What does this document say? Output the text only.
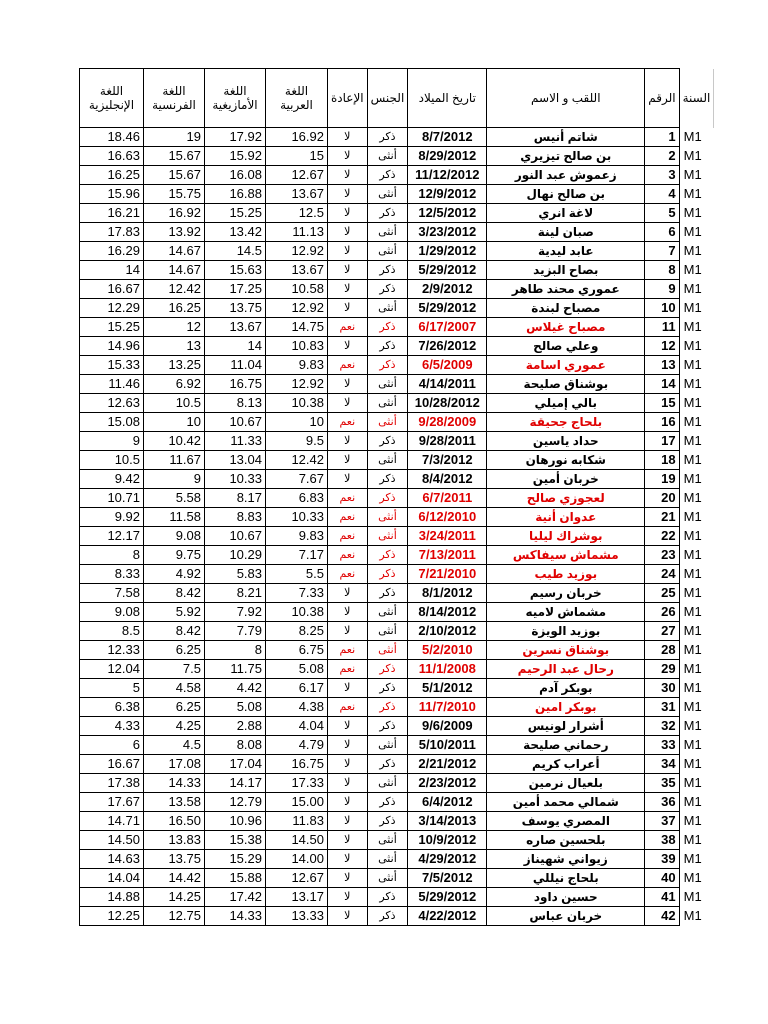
اللغة الإنجليزية	اللغة الفرنسية	اللغة الأمازيغية	اللغة العربية	الإعادة	الجنس	تاريخ الميلاد	اللقب و الاسم	الرقم	السنة
18.46	19	17.92	16.92	لا	ذكر	8/7/2012	شاتم أنيس	1	M1
16.63	15.67	15.92	15	لا	أنثى	8/29/2012	بن صالح تيزيري	2	M1
16.25	15.67	16.08	12.67	لا	ذكر	11/12/2012	زعموش عبد النور	3	M1
15.96	15.75	16.88	13.67	لا	أنثى	12/9/2012	بن صالح نهال	4	M1
16.21	16.92	15.25	12.5	لا	ذكر	12/5/2012	لاغة انري	5	M1
17.83	13.92	13.42	11.13	لا	أنثى	3/23/2012	صبان لينة	6	M1
16.29	14.67	14.5	12.92	لا	أنثى	1/29/2012	عابد ليدية	7	M1
14	14.67	15.63	13.67	لا	ذكر	5/29/2012	بصاح البزيد	8	M1
16.67	12.42	17.25	10.58	لا	ذكر	2/9/2012	عموري محند طاهر	9	M1
12.29	16.25	13.75	12.92	لا	أنثى	5/29/2012	مصباح لبندة	10	M1
15.25	12	13.67	14.75	نعم	ذكر	6/17/2007	مصباح غيلاس	11	M1
14.96	13	14	10.83	لا	ذكر	7/26/2012	وعلي صالح	12	M1
15.33	13.25	11.04	9.83	نعم	ذكر	6/5/2009	عموري اسامة	13	M1
11.46	6.92	16.75	12.92	لا	أنثى	4/14/2011	بوشناق صليحة	14	M1
12.63	10.5	8.13	10.38	لا	أنثى	10/28/2012	بالي إميلي	15	M1
15.08	10	10.67	10	نعم	أنثى	9/28/2009	بلحاج جحيقة	16	M1
9	10.42	11.33	9.5	لا	ذكر	9/28/2011	حداد ياسين	17	M1
10.5	11.67	13.04	12.42	لا	أنثى	7/3/2012	شكابه نورهان	18	M1
9.42	9	10.33	7.67	لا	ذكر	8/4/2012	خربان أمين	19	M1
10.71	5.58	8.17	6.83	نعم	ذكر	6/7/2011	لعجوزي صالح	20	M1
9.92	11.58	8.83	10.33	نعم	أنثى	6/12/2010	عدوان أنية	21	M1
12.17	9.08	10.67	9.83	نعم	أنثى	3/24/2011	بوشراك ليليا	22	M1
8	9.75	10.29	7.17	نعم	ذكر	7/13/2011	مشماش سيفاكس	23	M1
8.33	4.92	5.83	5.5	نعم	ذكر	7/21/2010	بوزيد طيب	24	M1
7.58	8.42	8.21	7.33	لا	ذكر	8/1/2012	خربان رسيم	25	M1
9.08	5.92	7.92	10.38	لا	أنثى	8/14/2012	مشماش لاميه	26	M1
8.5	8.42	7.79	8.25	لا	أنثى	2/10/2012	بوزيد الويزة	27	M1
12.33	6.25	8	6.75	نعم	أنثى	5/2/2010	بوشناق نسرين	28	M1
12.04	7.5	11.75	5.08	نعم	ذكر	11/1/2008	رحال عبد الرحيم	29	M1
5	4.58	4.42	6.17	لا	ذكر	5/1/2012	بوبكر آدم	30	M1
6.38	6.25	5.08	4.38	نعم	ذكر	11/7/2010	بوبكر امين	31	M1
4.33	4.25	2.88	4.04	لا	ذكر	9/6/2009	أشرار لونيس	32	M1
6	4.5	8.08	4.79	لا	أنثى	5/10/2011	رحماني صليحة	33	M1
16.67	17.08	17.04	16.75	لا	ذكر	2/21/2012	أعراب كريم	34	M1
17.38	14.33	14.17	17.33	لا	أنثى	2/23/2012	بلعيال نرمين	35	M1
17.67	13.58	12.79	15.00	لا	ذكر	6/4/2012	شمالي محمد أمين	36	M1
14.71	16.50	10.96	11.83	لا	ذكر	3/14/2013	المصري يوسف	37	M1
14.50	13.83	15.38	14.50	لا	أنثى	10/9/2012	بلحسين صاره	38	M1
14.63	13.75	15.29	14.00	لا	أنثى	4/29/2012	زيواني شهيناز	39	M1
14.04	14.42	15.88	12.67	لا	أنثى	7/5/2012	بلحاج نيللي	40	M1
14.88	14.25	17.42	13.17	لا	ذكر	5/29/2012	حسين داود	41	M1
12.25	12.75	14.33	13.33	لا	ذكر	4/22/2012	خربان عباس	42	M1
